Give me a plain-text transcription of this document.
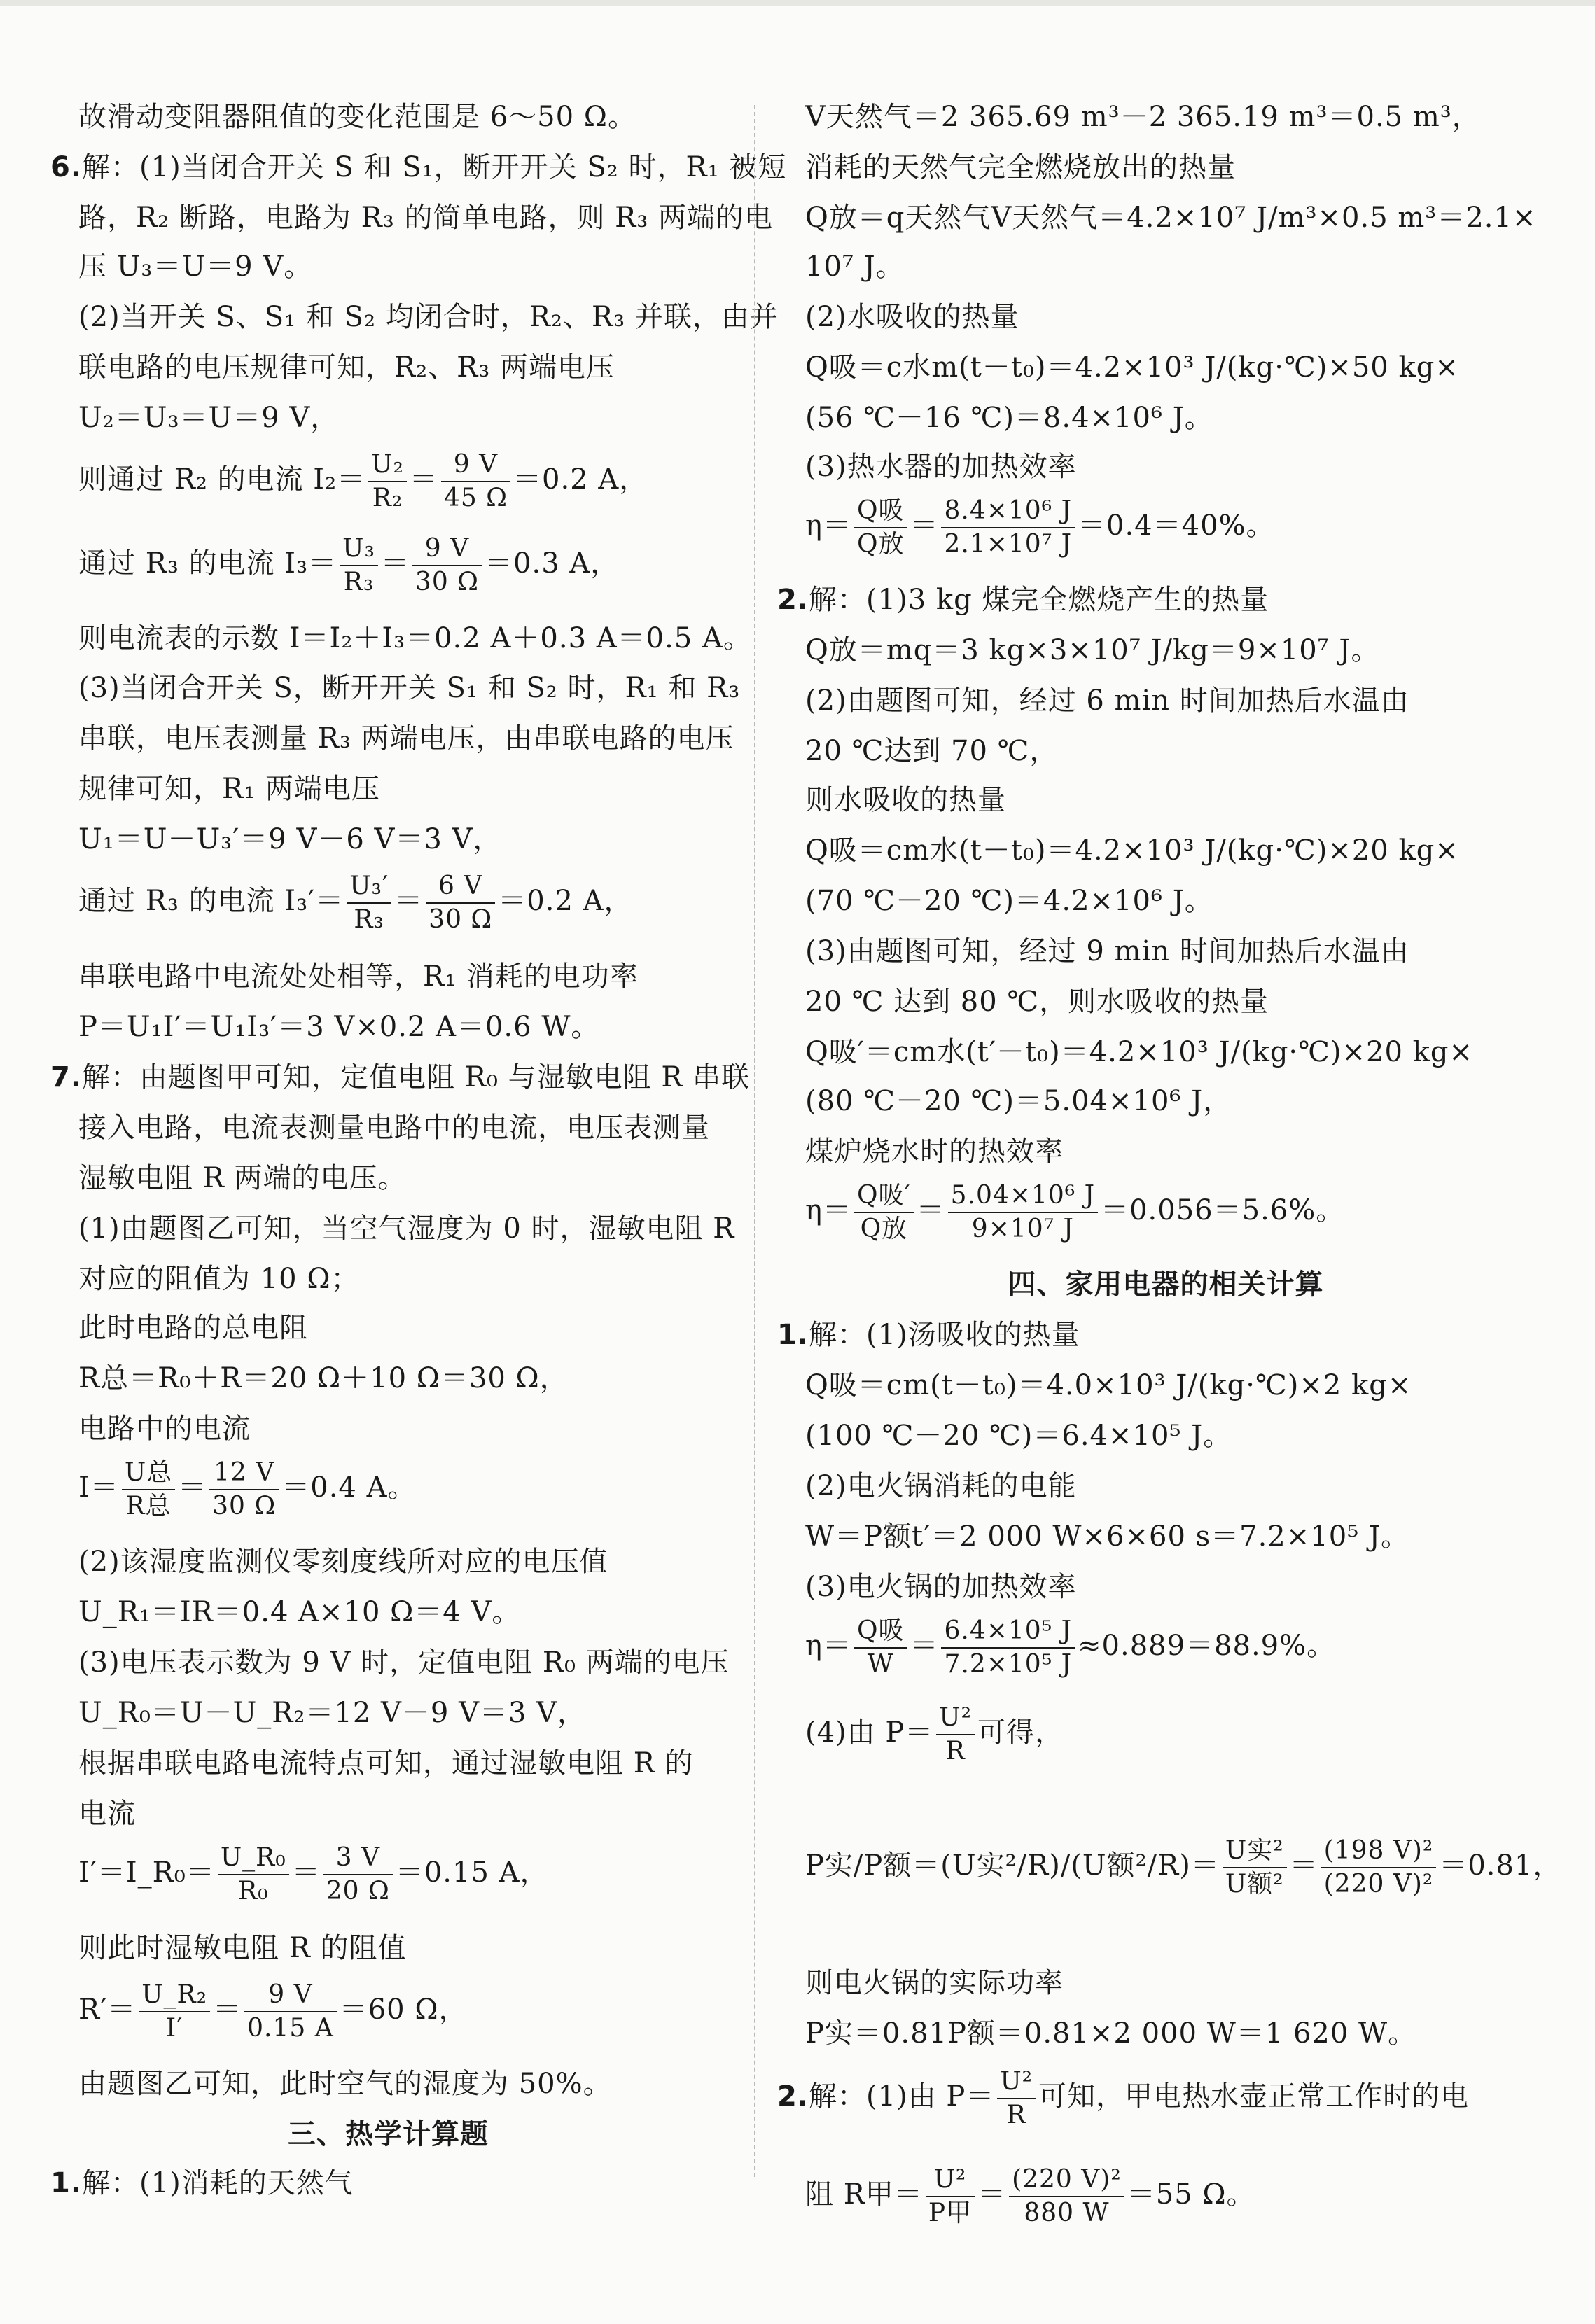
故滑动变阻器阻值的变化范围是 6～50 Ω。
6.解：(1)当闭合开关 S 和 S₁，断开开关 S₂ 时，R₁ 被短
路，R₂ 断路，电路为 R₃ 的简单电路，则 R₃ 两端的电
压 U₃＝U＝9 V。
(2)当开关 S、S₁ 和 S₂ 均闭合时，R₂、R₃ 并联，由并
联电路的电压规律可知，R₂、R₃ 两端电压
U₂＝U₃＝U＝9 V，
则通过 R₂ 的电流 $I_2= \frac{\text{U₂}}{\text{R₂}} = \frac{9 V}{45 \Omega} =0.2$ A，
通过 R₃ 的电流 $I_3= \frac{\text{U₃}}{\text{R₃}} = \frac{9 V}{30 \Omega} =0.3$ A，
则电流表的示数 I＝I₂＋I₃＝0.2 A＋0.3 A＝0.5 A。
(3)当闭合开关 S，断开开关 S₁ 和 S₂ 时，R₁ 和 R₃
串联，电压表测量 R₃ 两端电压，由串联电路的电压
规律可知，R₁ 两端电压
U₁＝U－U₃′＝9 V－6 V＝3 V，
通过 R₃ 的电流 $I_3'= \frac{\text{U₃′}}{\text{R₃}} = \frac{6 V}{30 \Omega} =0.2$ A，
串联电路中电流处处相等，R₁ 消耗的电功率
P＝U₁I′＝U₁I₃′＝3 V×0.2 A＝0.6 W。
7.解：由题图甲可知，定值电阻 R₀ 与湿敏电阻 R 串联
接入电路，电流表测量电路中的电流，电压表测量
湿敏电阻 R 两端的电压。
(1)由题图乙可知，当空气湿度为 0 时，湿敏电阻 R
对应的阻值为 10 Ω；
此时电路的总电阻
R总＝R₀＋R＝20 Ω＋10 Ω＝30 Ω，
电路中的电流
I＝ U总
R总
＝ $\frac{12 V}{30 \Omega} =0.4$ A。
(2)该湿度监测仪零刻度线所对应的电压值
U_R₁＝IR＝0.4 A×10 Ω＝4 V。
(3)电压表示数为 9 V 时，定值电阻 R₀ 两端的电压
U_R₀＝U－U_R₂＝12 V－9 V＝3 V，
根据串联电路电流特点可知，通过湿敏电阻 R 的
电流
I′＝I_R₀＝ $\frac{\text{U\_R₀}}{\text{R₀}} = \frac{3 V}{20 \Omega} =0.15$ A，
则此时湿敏电阻 R 的阻值
$R'= \frac{\text{U\_R₂}}{I'} = \frac{9 V}{0.15 A} =60$ Ω，
由题图乙可知，此时空气的湿度为 50%。
三、热学计算题
1.解：(1)消耗的天然气
V天然气＝2 365.69 m³－2 365.19 m³＝0.5 m³，
消耗的天然气完全燃烧放出的热量
Q放＝q天然气V天然气＝4.2×10⁷ J/m³×0.5 m³＝2.1×
10⁷ J。
(2)水吸收的热量
Q吸＝c水m(t－t₀)＝4.2×10³ J/(kg·℃)×50 kg×
(56 ℃－16 ℃)＝8.4×10⁶ J。
(3)热水器的加热效率
η＝ Q吸
Q放
＝ $\frac{\text{8.4×10⁶ J}}{\text{2.1×10⁷ J}} =0.4=40\%$。
2.解：(1)3 kg 煤完全燃烧产生的热量
Q放＝mq＝3 kg×3×10⁷ J/kg＝9×10⁷ J。
(2)由题图可知，经过 6 min 时间加热后水温由
20 ℃达到 70 ℃，
则水吸收的热量
Q吸＝cm水(t－t₀)＝4.2×10³ J/(kg·℃)×20 kg×
(70 ℃－20 ℃)＝4.2×10⁶ J。
(3)由题图可知，经过 9 min 时间加热后水温由
20 ℃ 达到 80 ℃，则水吸收的热量
Q吸′＝cm水(t′－t₀)＝4.2×10³ J/(kg·℃)×20 kg×
(80 ℃－20 ℃)＝5.04×10⁶ J，
煤炉烧水时的热效率
η＝ Q吸′
Q放
＝ $\frac{\text{5.04×10⁶ J}}{\text{9×10⁷ J}} =0.056=5.6\%$。
四、家用电器的相关计算
1.解：(1)汤吸收的热量
Q吸＝cm(t－t₀)＝4.0×10³ J/(kg·℃)×2 kg×
(100 ℃－20 ℃)＝6.4×10⁵ J。
(2)电火锅消耗的电能
W＝P额t′＝2 000 W×6×60 s＝7.2×10⁵ J。
(3)电火锅的加热效率
η＝ Q吸
W
＝ $\frac{\text{6.4×10⁵ J}}{\text{7.2×10⁵ J}} \approx 0.889=88.9\%$。
(4)由 $P= \frac{\text{U²}}{R}$ 可得，
P实/P额＝(U实²/R)/(U额²/R)＝ U实²
U额²
＝ $\frac{\text{(198 V)²}}{\text{(220 V)²}} =0.81$，
则电火锅的实际功率
P实＝0.81P额＝0.81×2 000 W＝1 620 W。
2.解：(1)由 $P= \frac{\text{U²}}{R}$ 可知，甲电热水壶正常工作时的电
阻 R甲＝ U²
P甲
＝ $\frac{\text{(220 V)²}}{880 W} =55$ Ω。
